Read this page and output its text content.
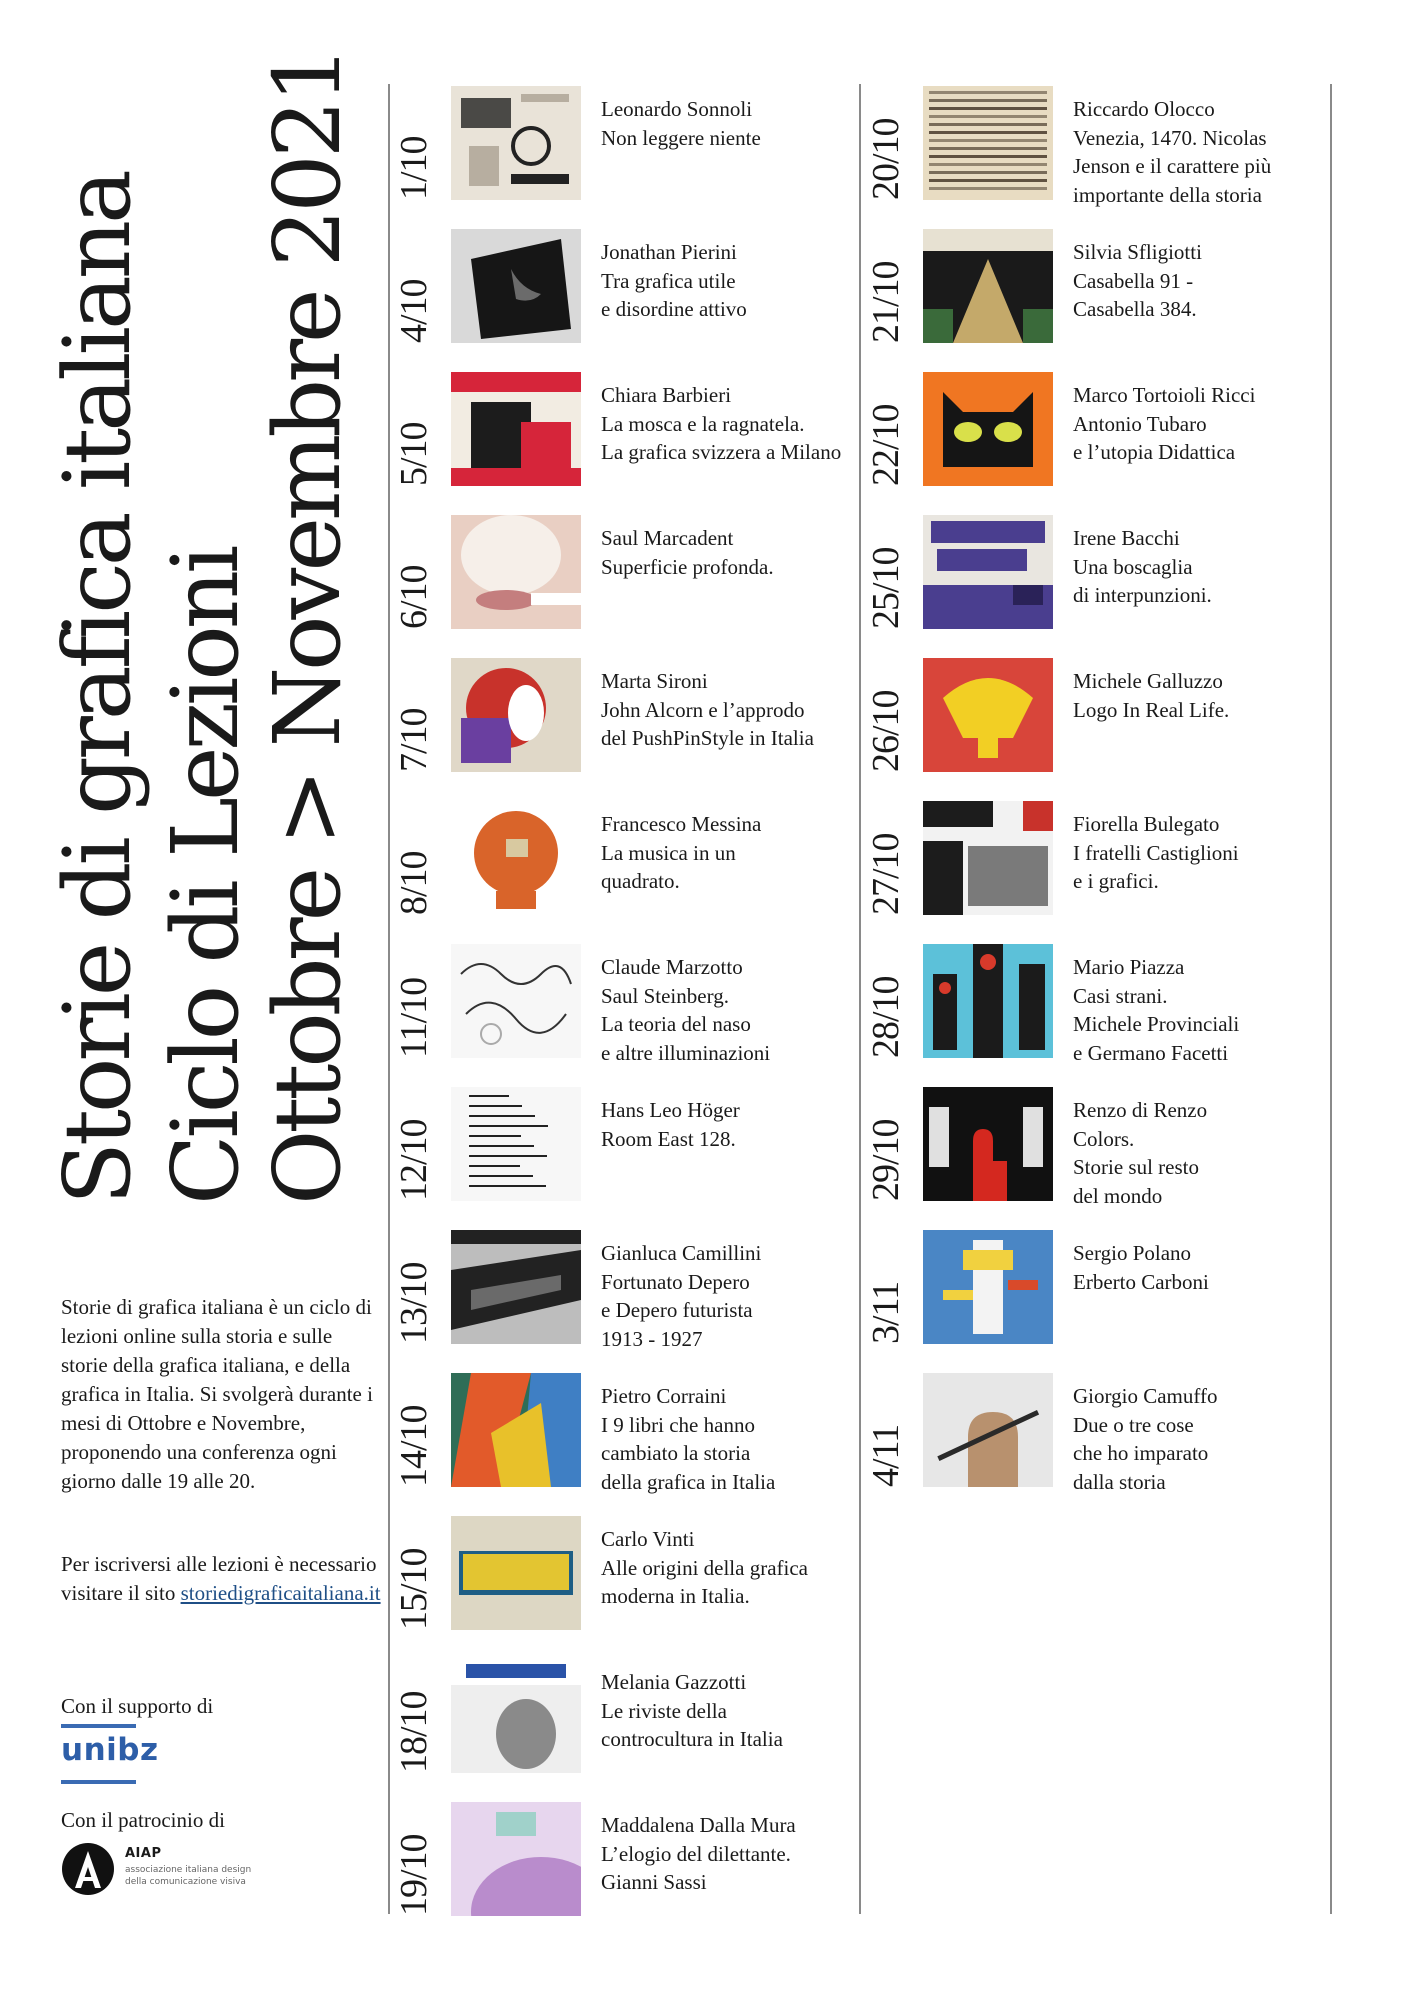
Storie di grafica italiana Ciclo di Lezioni
Ottobre > Novembre 2021

Storie di grafica italiana è un ciclo di lezioni online sulla storia e sulle storie della grafica italiana, e della grafica in Italia. Si svolgerà durante i mesi di Ottobre e Novembre, proponendo una conferenza ogni giorno dalle 19 alle 20.

Per iscriversi alle lezioni è necessario visitare il sito storiedigraficaitaliana.it

Con il supporto di
unibz
Con il patrocinio di
AIAP
associazione italiana design
della comunicazione visiva
1/10
Leonardo Sonnoli
Non leggere niente
4/10
Jonathan Pierini
Tra grafica utile
e disordine attivo
5/10
Chiara Barbieri
La mosca e la ragnatela.
La grafica svizzera a Milano
6/10
Saul Marcadent
Superficie profonda.
7/10
Marta Sironi
John Alcorn e l’approdo
del PushPinStyle in Italia
8/10
Francesco Messina
La musica in un
quadrato.
11/10
Claude Marzotto
Saul Steinberg.
La teoria del naso
e altre illuminazioni
12/10
Hans Leo Höger
Room East 128.
13/10
Gianluca Camillini
Fortunato Depero
e Depero futurista
1913 - 1927
14/10
Pietro Corraini
I 9 libri che hanno
cambiato la storia
della grafica in Italia
15/10
Carlo Vinti
Alle origini della grafica
moderna in Italia.
18/10
Melania Gazzotti
Le riviste della
controcultura in Italia
19/10
Maddalena Dalla Mura
L’elogio del dilettante.
Gianni Sassi
20/10
Riccardo Olocco
Venezia, 1470. Nicolas
Jenson e il carattere più
importante della storia
21/10
Silvia Sfligiotti
Casabella 91 -
Casabella 384.
22/10
Marco Tortoioli Ricci
Antonio Tubaro
e l’utopia Didattica
25/10
Irene Bacchi
Una boscaglia
di interpunzioni.
26/10
Michele Galluzzo
Logo In Real Life.
27/10
Fiorella Bulegato
I fratelli Castiglioni
e i grafici.
28/10
Mario Piazza
Casi strani.
Michele Provinciali
e Germano Facetti
29/10
Renzo di Renzo
Colors.
Storie sul resto
del mondo
3/11
Sergio Polano
Erberto Carboni
4/11
Giorgio Camuffo
Due o tre cose
che ho imparato
dalla storia
